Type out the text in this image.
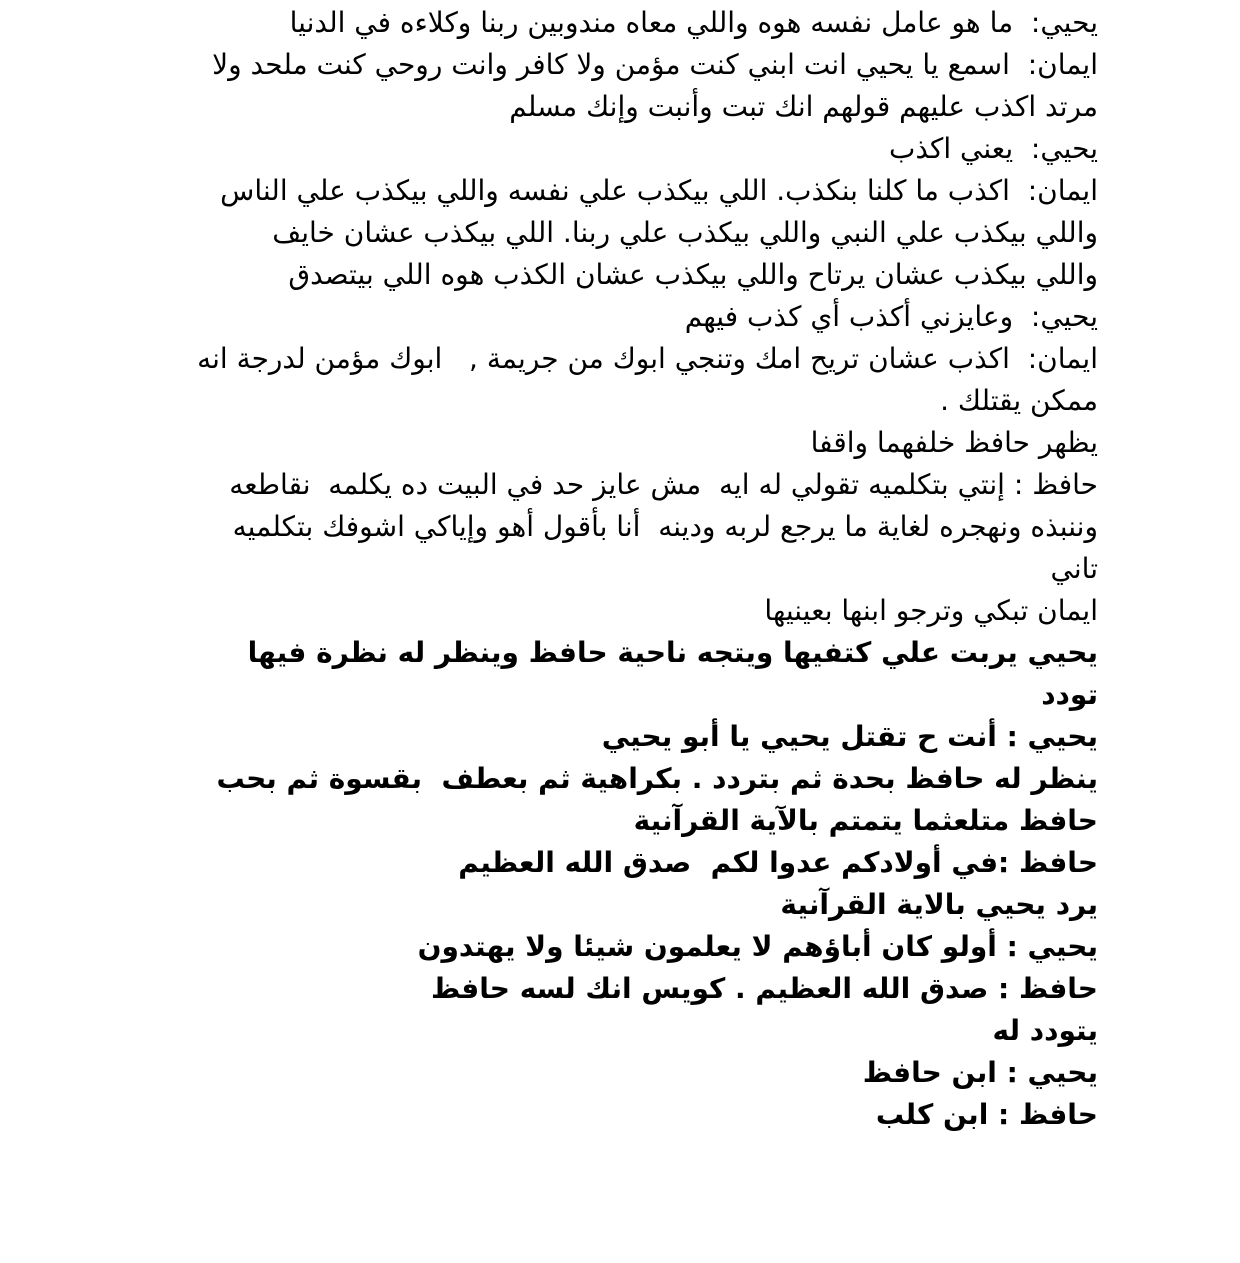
يحيي:  ما هو عامل نفسه هوه واللي معاه مندوبين ربنا وكلاءه في الدنيا
ايمان:  اسمع يا يحيي انت ابني كنت مؤمن ولا كافر وانت روحي كنت ملحد ولا
مرتد اكذب عليهم قولهم انك تبت وأنبت وإنك مسلم
يحيي:  يعني اكذب
ايمان:  اكذب ما كلنا بنكذب. اللي بيكذب علي نفسه واللي بيكذب علي الناس
واللي بيكذب علي النبي واللي بيكذب علي ربنا. اللي بيكذب عشان خايف
واللي بيكذب عشان يرتاح واللي بيكذب عشان الكذب هوه اللي بيتصدق
يحيي:  وعايزني أكذب أي كذب فيهم
ايمان:  اكذب عشان تريح امك وتنجي ابوك من جريمة ,   ابوك مؤمن لدرجة انه
ممكن يقتلك .
يظهر حافظ خلفهما واقفا
حافظ : إنتي بتكلميه تقولي له ايه  مش عايز حد في البيت ده يكلمه  نقاطعه
وننبذه ونهجره لغاية ما يرجع لربه ودينه  أنا بأقول أهو وإياكي اشوفك بتكلميه
تاني
ايمان تبكي وترجو ابنها بعينيها
يحيي يربت علي كتفيها ويتجه ناحية حافظ وينظر له نظرة فيها
تودد
يحيي : أنت ح تقتل يحيي يا أبو يحيي
ينظر له حافظ بحدة ثم بتردد . بكراهية ثم بعطف  بقسوة ثم بحب
حافظ متلعثما يتمتم بالآية القرآنية
حافظ :في أولادكم عدوا لكم  صدق الله العظيم
يرد يحيي بالاية القرآنية
يحيي : أولو كان أباؤهم لا يعلمون شيئا ولا يهتدون
حافظ : صدق الله العظيم . كويس انك لسه حافظ
يتودد له
يحيي : ابن حافظ
حافظ : ابن كلب
